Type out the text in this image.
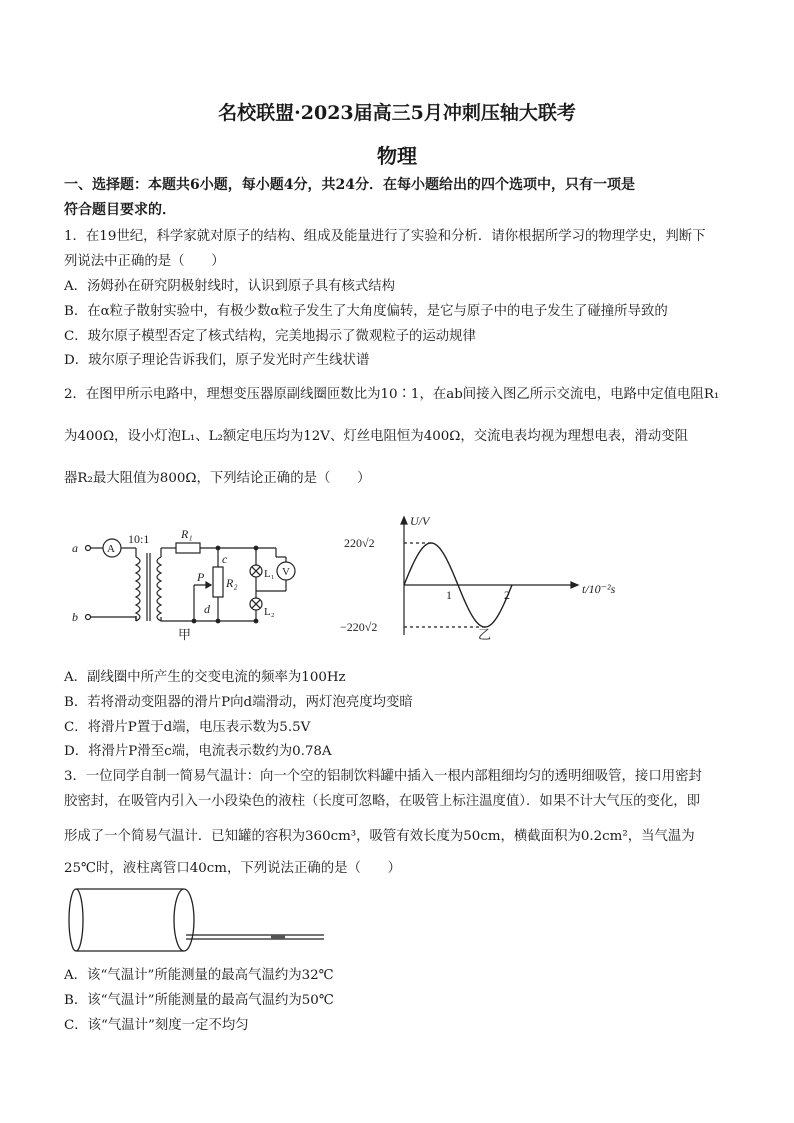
名校联盟·2023届高三5月冲刺压轴大联考
物理
一、选择题：本题共6小题，每小题4分，共24分．在每小题给出的四个选项中，只有一项是
符合题目要求的．
1．在19世纪，科学家就对原子的结构、组成及能量进行了实验和分析．请你根据所学习的物理学史，判断下
列说法中正确的是（　　）
A．汤姆孙在研究阴极射线时，认识到原子具有核式结构
B．在α粒子散射实验中，有极少数α粒子发生了大角度偏转，是它与原子中的电子发生了碰撞所导致的
C．玻尔原子模型否定了核式结构，完美地揭示了微观粒子的运动规律
D．玻尔原子理论告诉我们，原子发光时产生线状谱
2．在图甲所示电路中，理想变压器原副线圈匝数比为10∶1，在ab间接入图乙所示交流电，电路中定值电阻R₁
为400Ω，设小灯泡L₁、L₂额定电压均为12V、灯丝电阻恒为400Ω，交流电表均视为理想电表，滑动变阻
器R₂最大阻值为800Ω，下列结论正确的是（　　）
a
b
A
10:1	R₁
c
R₂
P
d
L₁ V
L₂
甲
U/V
t/10⁻²s
220√2
−220√2
1	2
乙
A．副线圈中所产生的交变电流的频率为100Hz
B．若将滑动变阻器的滑片P向d端滑动，两灯泡亮度均变暗
C．将滑片P置于d端，电压表示数为5.5V
D．将滑片P滑至c端，电流表示数约为0.78A
3．一位同学自制一简易气温计：向一个空的铝制饮料罐中插入一根内部粗细均匀的透明细吸管，接口用密封
胶密封，在吸管内引入一小段染色的液柱（长度可忽略，在吸管上标注温度值）．如果不计大气压的变化，即
形成了一个简易气温计．已知罐的容积为360cm³，吸管有效长度为50cm，横截面积为0.2cm²，当气温为
25℃时，液柱离管口40cm，下列说法正确的是（　　）
A．该“气温计”所能测量的最高气温约为32℃
B．该“气温计”所能测量的最高气温约为50℃
C．该“气温计”刻度一定不均匀
